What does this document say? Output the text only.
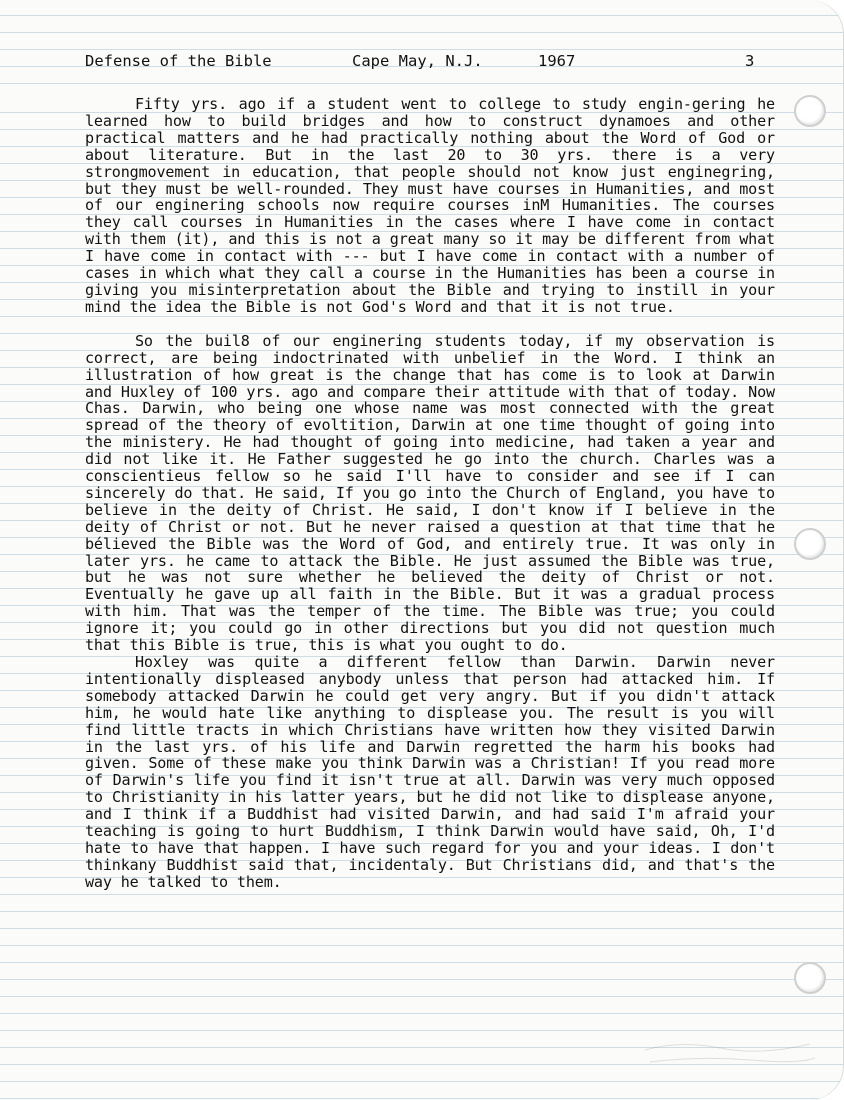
Defense of the Bible	Cape May, N.J.	1967	3

Fifty yrs. ago if a student went to college to study engin-gering he learned how to build bridges and how to construct dynamoes and other practical matters and he had practically nothing about the Word of God or about literature. But in the last 20 to 30 yrs. there is a very strongmovement in education, that people should not know just enginegring, but they must be well-rounded. They must have courses in Humanities, and most of our enginering schools now require courses inM Humanities. The courses they call courses in Humanities in the cases where I have come in contact with them (it), and this is not a great many so it may be different from what I have come in contact with --- but I have come in contact with a number of cases in which what they call a course in the Humanities has been a course in giving you misinterpretation about the Bible and trying to instill in your mind the idea the Bible is not God's Word and that it is not true.

So the buil8 of our enginering students today, if my observation is correct, are being indoctrinated with unbelief in the Word. I think an illustration of how great is the change that has come is to look at Darwin and Huxley of 100 yrs. ago and compare their attitude with that of today. Now Chas. Darwin, who being one whose name was most connected with the great spread of the theory of evoltition, Darwin at one time thought of going into the ministery. He had thought of going into medicine, had taken a year and did not like it. He Father suggested he go into the church. Charles was a conscientieus fellow so he said I'll have to consider and see if I can sincerely do that. He said, If you go into the Church of England, you have to believe in the deity of Christ. He said, I don't know if I believe in the deity of Christ or not. But he never raised a question at that time that he bélieved the Bible was the Word of God, and entirely true. It was only in later yrs. he came to attack the Bible. He just assumed the Bible was true, but he was not sure whether he believed the deity of Christ or not. Eventually he gave up all faith in the Bible. But it was a gradual process with him. That was the temper of the time. The Bible was true; you could ignore it; you could go in other directions but you did not question much that this Bible is true, this is what you ought to do.

Hoxley was quite a different fellow than Darwin. Darwin never intentionally displeased anybody unless that person had attacked him. If somebody attacked Darwin he could get very angry. But if you didn't attack him, he would hate like anything to displease you. The result is you will find little tracts in which Christians have written how they visited Darwin in the last yrs. of his life and Darwin regretted the harm his books had given. Some of these make you think Darwin was a Christian! If you read more of Darwin's life you find it isn't true at all. Darwin was very much opposed to Christianity in his latter years, but he did not like to displease anyone, and I think if a Buddhist had visited Darwin, and had said I'm afraid your teaching is going to hurt Buddhism, I think Darwin would have said, Oh, I'd hate to have that happen. I have such regard for you and your ideas. I don't thinkany Buddhist said that, incidentaly. But Christians did, and that's the way he talked to them.
